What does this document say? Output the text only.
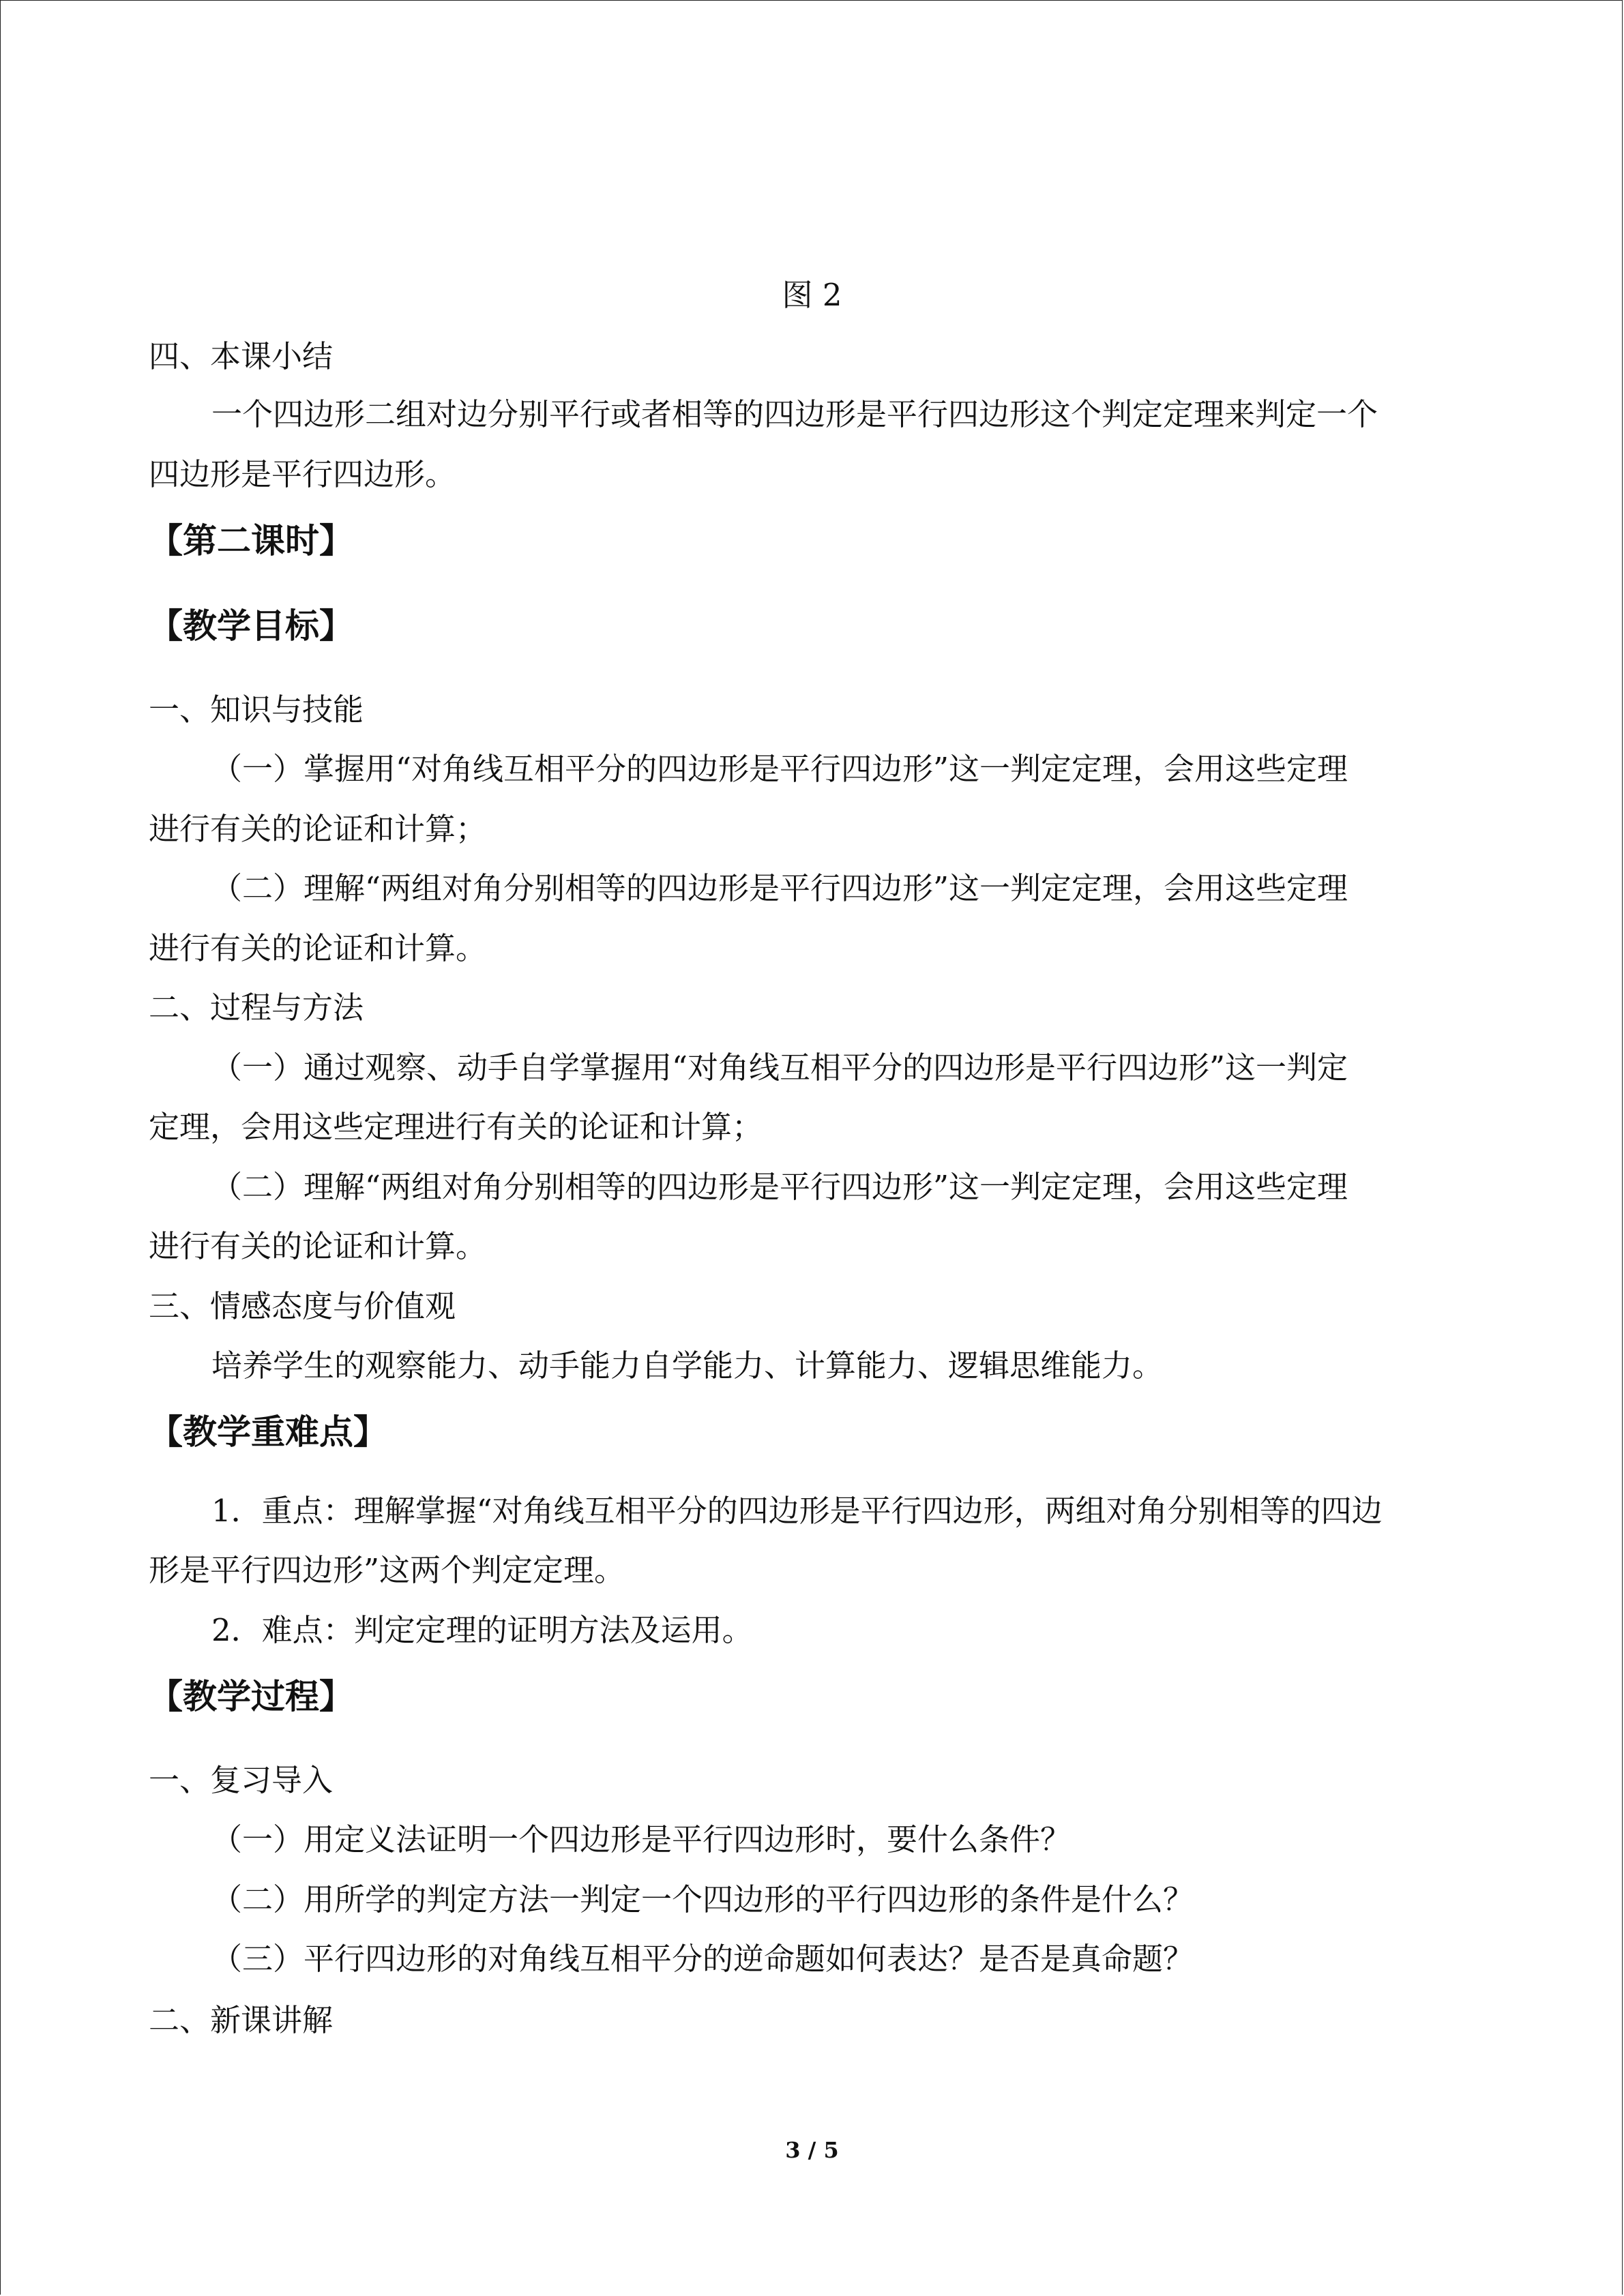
图 2
四、本课小结
一个四边形二组对边分别平行或者相等的四边形是平行四边形这个判定定理来判定一个
四边形是平行四边形。
【第二课时】
【教学目标】
一、知识与技能
（一）掌握用“对角线互相平分的四边形是平行四边形”这一判定定理，会用这些定理
进行有关的论证和计算；
（二）理解“两组对角分别相等的四边形是平行四边形”这一判定定理，会用这些定理
进行有关的论证和计算。
二、过程与方法
（一）通过观察、动手自学掌握用“对角线互相平分的四边形是平行四边形”这一判定
定理，会用这些定理进行有关的论证和计算；
（二）理解“两组对角分别相等的四边形是平行四边形”这一判定定理，会用这些定理
进行有关的论证和计算。
三、情感态度与价值观
培养学生的观察能力、动手能力自学能力、计算能力、逻辑思维能力。
【教学重难点】
1．重点：理解掌握“对角线互相平分的四边形是平行四边形，两组对角分别相等的四边
形是平行四边形”这两个判定定理。
2．难点：判定定理的证明方法及运用。
【教学过程】
一、复习导入
（一）用定义法证明一个四边形是平行四边形时，要什么条件？
（二）用所学的判定方法一判定一个四边形的平行四边形的条件是什么？
（三）平行四边形的对角线互相平分的逆命题如何表达？是否是真命题？
二、新课讲解
3 / 5
